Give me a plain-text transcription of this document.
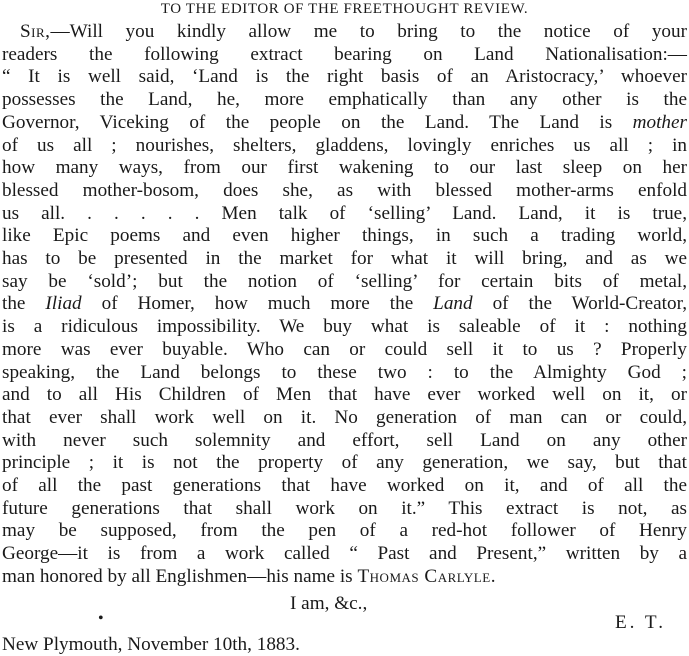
TO THE EDITOR OF THE FREETHOUGHT REVIEW.
Sir,—Will you kindly allow me to bring to the notice of your
readers the following extract bearing on Land Nationalisation:—
“ It is well said, ‘Land is the right basis of an Aristocracy,’ whoever
possesses the Land, he, more emphatically than any other is the
Governor, Viceking of the people on the Land. The Land is mother
of us all ; nourishes, shelters, gladdens, lovingly enriches us all ; in
how many ways, from our first wakening to our last sleep on her
blessed mother-bosom, does she, as with blessed mother-arms enfold
us all. . . . . . Men talk of ‘selling’ Land. Land, it is true,
like Epic poems and even higher things, in such a trading world,
has to be presented in the market for what it will bring, and as we
say be ‘sold’; but the notion of ‘selling’ for certain bits of metal,
the Iliad of Homer, how much more the Land of the World-Creator,
is a ridiculous impossibility. We buy what is saleable of it : nothing
more was ever buyable. Who can or could sell it to us ? Properly
speaking, the Land belongs to these two : to the Almighty God ;
and to all His Children of Men that have ever worked well on it, or
that ever shall work well on it. No generation of man can or could,
with never such solemnity and effort, sell Land on any other
principle ; it is not the property of any generation, we say, but that
of all the past generations that have worked on it, and of all the
future generations that shall work on it.” This extract is not, as
may be supposed, from the pen of a red-hot follower of Henry
George—it is from a work called “ Past and Present,” written by a
man honored by all Englishmen—his name is Thomas Carlyle.
I am, &c.,
•	E. T.
New Plymouth, November 10th, 1883.
